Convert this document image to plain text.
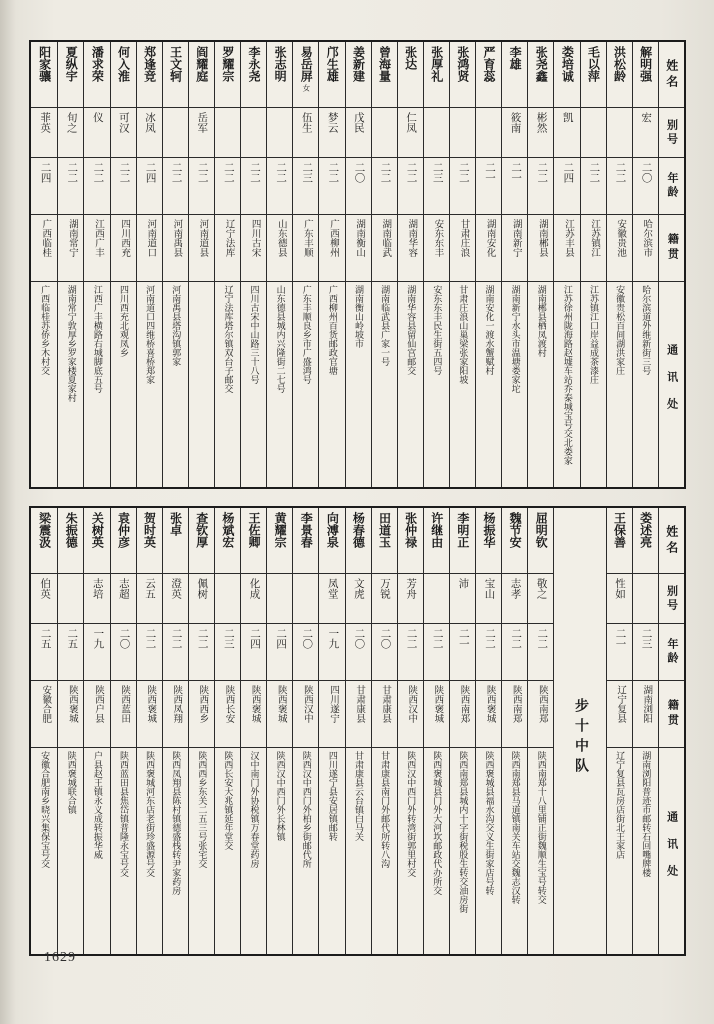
姓名
别号
年龄
籍贯
通讯处
解明强
宏
二〇
哈尔滨市
哈尔滨道外维新街三号
洪松龄
二二
安徽贵池
安徽贵松百间湖洪家庄
毛以萍
二二
江苏镇江
江苏镇江口岸益成茶漆庄
娄培诚
凯
二四
江苏丰县
江苏徐州陇海路赵墟车站乔泰城宝号交北娄家
张尧鑫
彬然
二二
湖南郴县
湖南郴县栖凤渡村
李雄
筱南
二一
湖南新宁
湖南新宁水头市温塘娄家坨
严育蕊
二一
湖南安化
湖南安化一渡水蟹赋村
张鸿贤
二二
甘肃庄浪
甘肃庄浪山巢梁张家阳坡
张厚礼
二三
安东东丰
安东东丰民生街五四号
张达
仁凤
二二
湖南华容
湖南华容县留仙宫邮交
曾海量
二二
湖南临武
湖南临武县广家一号
姜新建
戊民
二〇
湖南衡山
湖南衡山岭坡市
邝生雄
梦云
二二
广西柳州
广西柳州百货邮政官塘
易岳屏
女
伍生
二三
广东丰顺
广东丰顺良乡市广盛鸿号
张志明
二二
山东德县
山东德县城内兴隆街二七号
李永尧
二二
四川古宋
四川古宋中山路三十八号
罗耀宗
二二
辽宁法库
辽宁法库塔尔镇双台子邮交
阎耀庭
岳军
二二
河南道县
王文轲
二二
河南禹县
河南禹县塔沟镇郭家
郑逢竞
冰凤
二四
河南道口
河南道口四维桥喜桥郑家
何入淮
可汉
二二
四川西充
四川西充北观凤乡
潘求荣
仪
二二
江西广丰
江西广丰横路右城脚底五号
夏纵宇
旬之
二二
湖南常宁
湖南常宁敦厚乡罗家楼夏家村
阳家骧
菲英
二四
广西临桂
广西临桂苏侨乡木村交
姓名
别号
年龄
籍贯
通讯处
娄述亮
二三
湖南浏阳
湖南浏阳普迹市邮转石回嘴牌楼
王保善
性如
二一
辽宁复县
辽宁复县瓦房店街北王家店
步十中队
屈明钦
敬之
二二
陕西南郑
陕西南郑十八里铺正街魏顺生宝号转交
魏节安
志孝
二二
陕西南郑
陕西南郑县马道镇南关车站交魏志汉转
杨振华
宝山
二二
陕西褒城
陕西褒城县福水沟交义生街家店号转
李明正
沛
二一
陕西南郑
陕西南郑县城内十字街税股生转交油房街
许继由
二二
陕西褒城
陕西褒城县门外大河坎邮政代办所交
张仲禄
芳舟
二二
陕西汉中
陕西汉中西门外转湾街郭里村交
田道玉
万锐
二〇
甘肃康县
甘肃康县南门外邮代所转八沟
杨春德
文虎
二〇
甘肃康县
甘肃康县云台镇白马关
向溥泉
凤堂
一九
四川遂宁
四川遂宁县安居镇邮转
李景春
二〇
陕西汉中
陕西汉中西门外柏乡街邮代所
黄耀宗
二四
陕西褒城
陕西汉中西门外长林镇
王佐卿
化成
二四
陕西褒城
汉中南门外协税镇万春堂药房
杨斌宏
二三
陕西长安
陕西长安大兆镇延年堂交
查钦厚
佩树
二二
陕西西乡
陕西西乡东关二五三号张宅交
张卓
澄英
二二
陕西凤翔
陕西凤翔县陈村镇德盛栈转尹家药房
贺时英
云五
二二
陕西褒城
陕西褒城河东店老街珍盛源号交
袁仲彦
志超
二〇
陕西蓝田
陕西蓝田县焦岱镇普隆永宝号交
关树英
志培
一九
陕西户县
户县赵王镇永义成转振华威
朱振德
二五
陕西褒城
陕西褒城联合镇
梁震汲
伯英
二五
安徽合肥
安徽合肥南乡晓兴集保宝号交
1629
